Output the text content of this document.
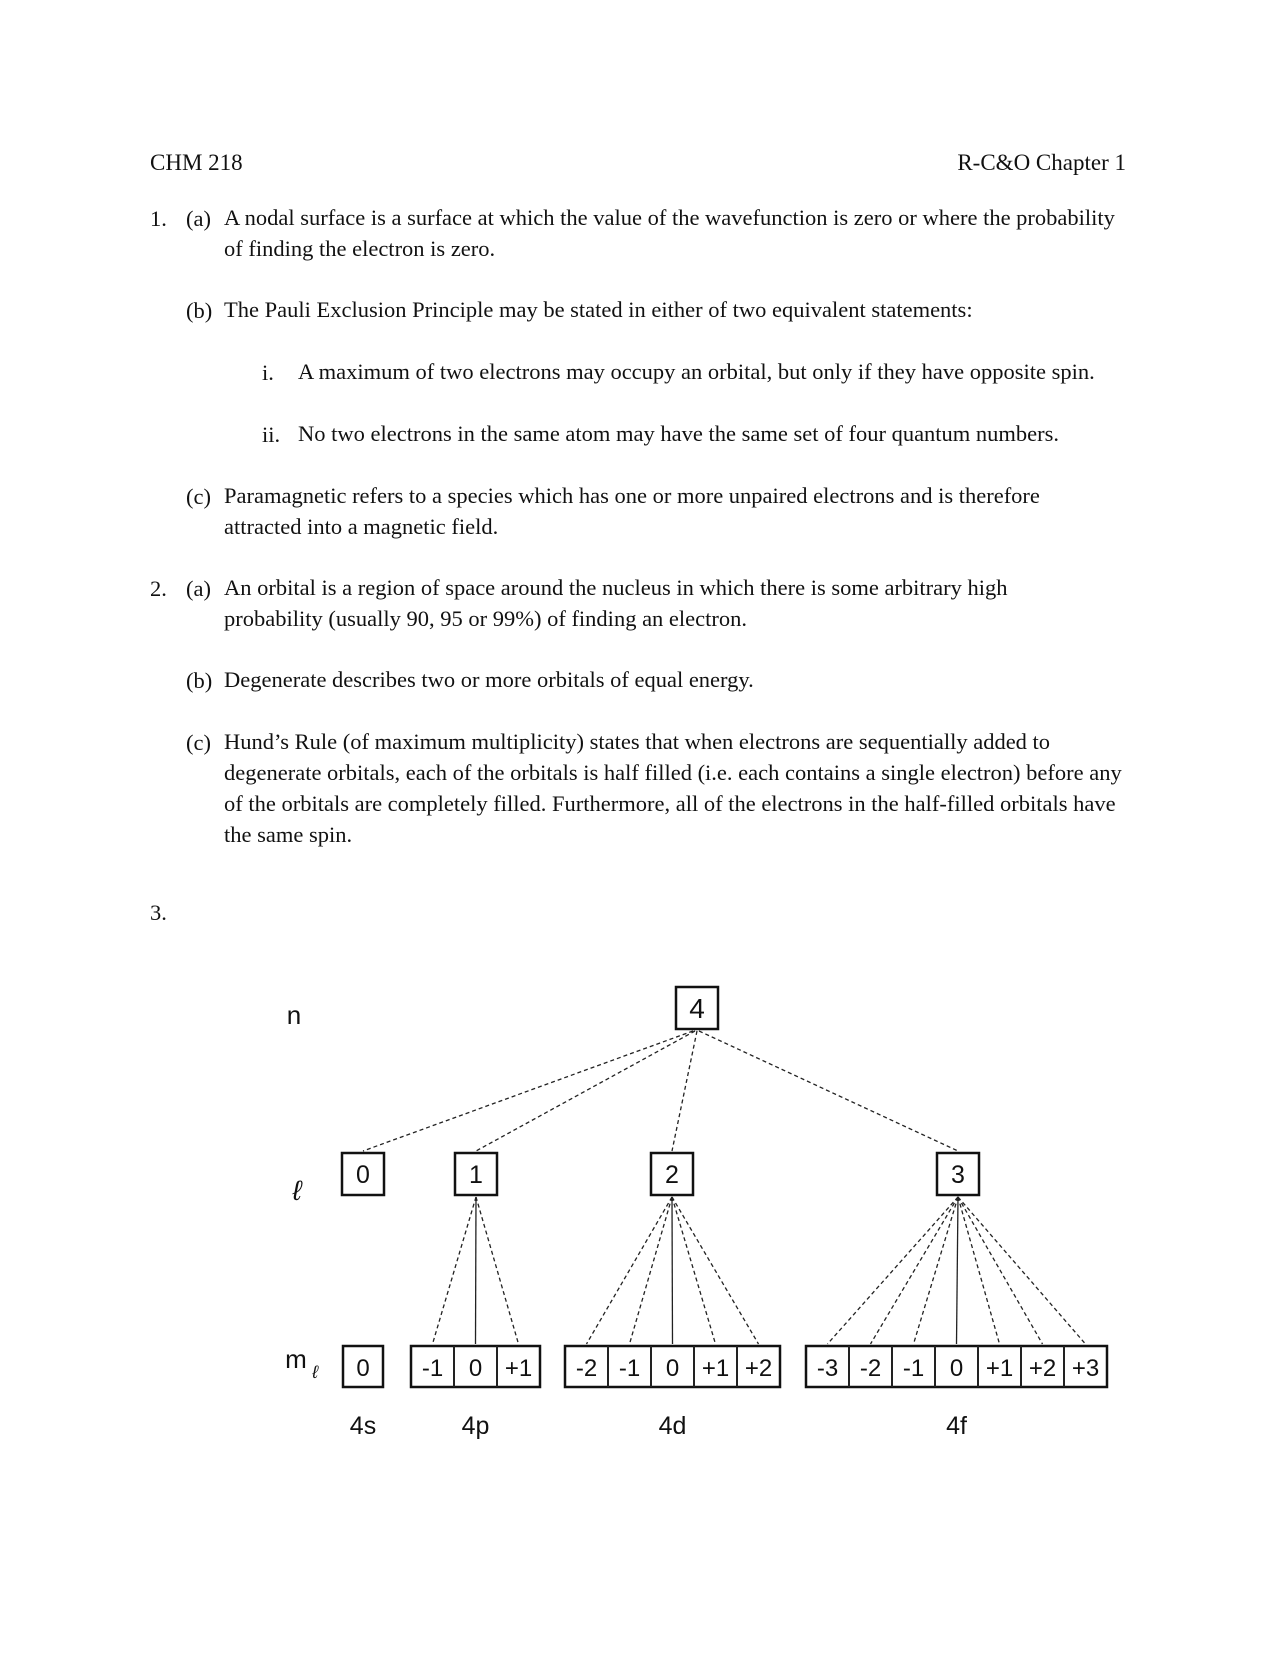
CHM 218	R-C&O Chapter 1
1. (a) A nodal surface is a surface at which the value of the wavefunction is zero or where the probability of finding the electron is zero.
(b) The Pauli Exclusion Principle may be stated in either of two equivalent statements:
i. A maximum of two electrons may occupy an orbital, but only if they have opposite spin.
ii. No two electrons in the same atom may have the same set of four quantum numbers.
(c) Paramagnetic refers to a species which has one or more unpaired electrons and is therefore attracted into a magnetic field.
2. (a) An orbital is a region of space around the nucleus in which there is some arbitrary high probability (usually 90, 95 or 99%) of finding an electron.
(b) Degenerate describes two or more orbitals of equal energy.
(c) Hund’s Rule (of maximum multiplicity) states that when electrons are sequentially added to degenerate orbitals, each of the orbitals is half filled (i.e. each contains a single electron) before any of the orbitals are completely filled. Furthermore, all of the electrons in the half-filled orbitals have the same spin.
3.
n
ℓ
m ℓ
0
0
4s
1
-1 0 +1
4p
2
-2 -1 0 +1 +2
4d
3
-3 -2 -1 0 +1 +2 +3
4f
4
